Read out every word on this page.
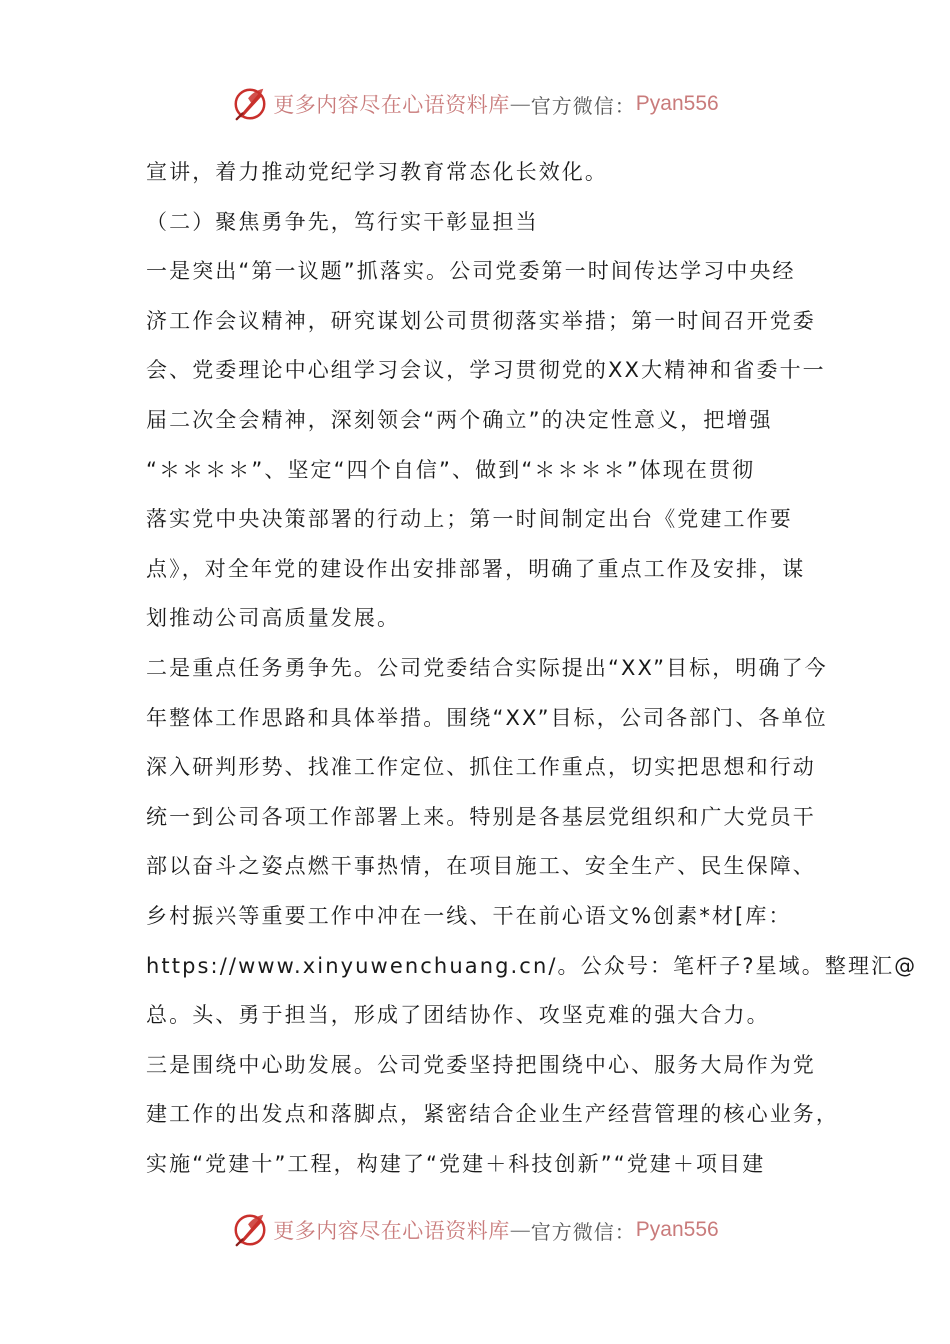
更多内容尽在心语资料库 — 官方微信： Pyan556
宣讲，着力推动党纪学习教育常态化长效化。
（二）聚焦勇争先，笃行实干彰显担当
一是突出“第一议题”抓落实。公司党委第一时间传达学习中央经
济工作会议精神，研究谋划公司贯彻落实举措；第一时间召开党委
会、党委理论中心组学习会议，学习贯彻党的XX大精神和省委十一
届二次全会精神，深刻领会“两个确立”的决定性意义，把增强
“＊＊＊＊”、坚定“四个自信”、做到“＊＊＊＊”体现在贯彻
落实党中央决策部署的行动上；第一时间制定出台《党建工作要
点》，对全年党的建设作出安排部署，明确了重点工作及安排，谋
划推动公司高质量发展。
二是重点任务勇争先。公司党委结合实际提出“XX”目标，明确了今
年整体工作思路和具体举措。围绕“XX”目标，公司各部门、各单位
深入研判形势、找准工作定位、抓住工作重点，切实把思想和行动
统一到公司各项工作部署上来。特别是各基层党组织和广大党员干
部以奋斗之姿点燃干事热情，在项目施工、安全生产、民生保障、
乡村振兴等重要工作中冲在一线、干在前心语文%创素*材[库：
https://www.xinyuwenchuang.cn/。公众号：笔杆子?星域。整理汇@
总。头、勇于担当，形成了团结协作、攻坚克难的强大合力。
三是围绕中心助发展。公司党委坚持把围绕中心、服务大局作为党
建工作的出发点和落脚点，紧密结合企业生产经营管理的核心业务，
实施“党建十”工程，构建了“党建＋科技创新”“党建＋项目建
更多内容尽在心语资料库 — 官方微信： Pyan556
